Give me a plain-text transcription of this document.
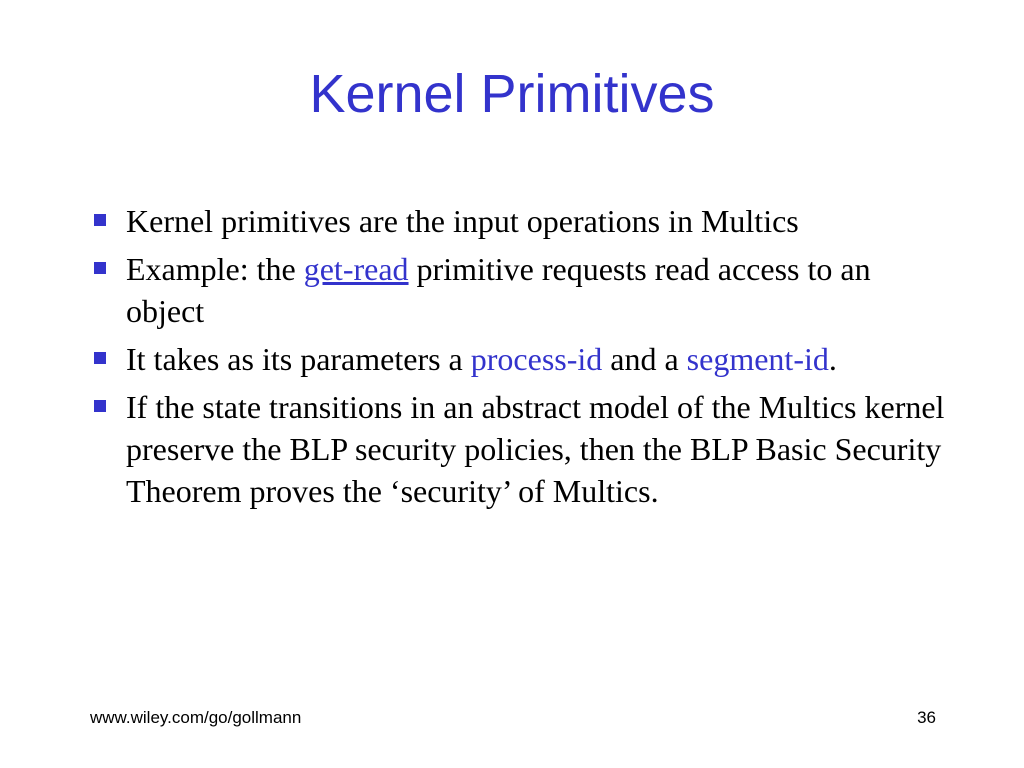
Kernel Primitives
Kernel primitives are the input operations in Multics
Example: the get-read primitive requests read access to an object
It takes as its parameters a process-id and a segment-id.
If the state transitions in an abstract model of the Multics kernel preserve the BLP security policies, then the BLP Basic Security Theorem proves the ‘security’ of Multics.
www.wiley.com/go/gollmann	36
